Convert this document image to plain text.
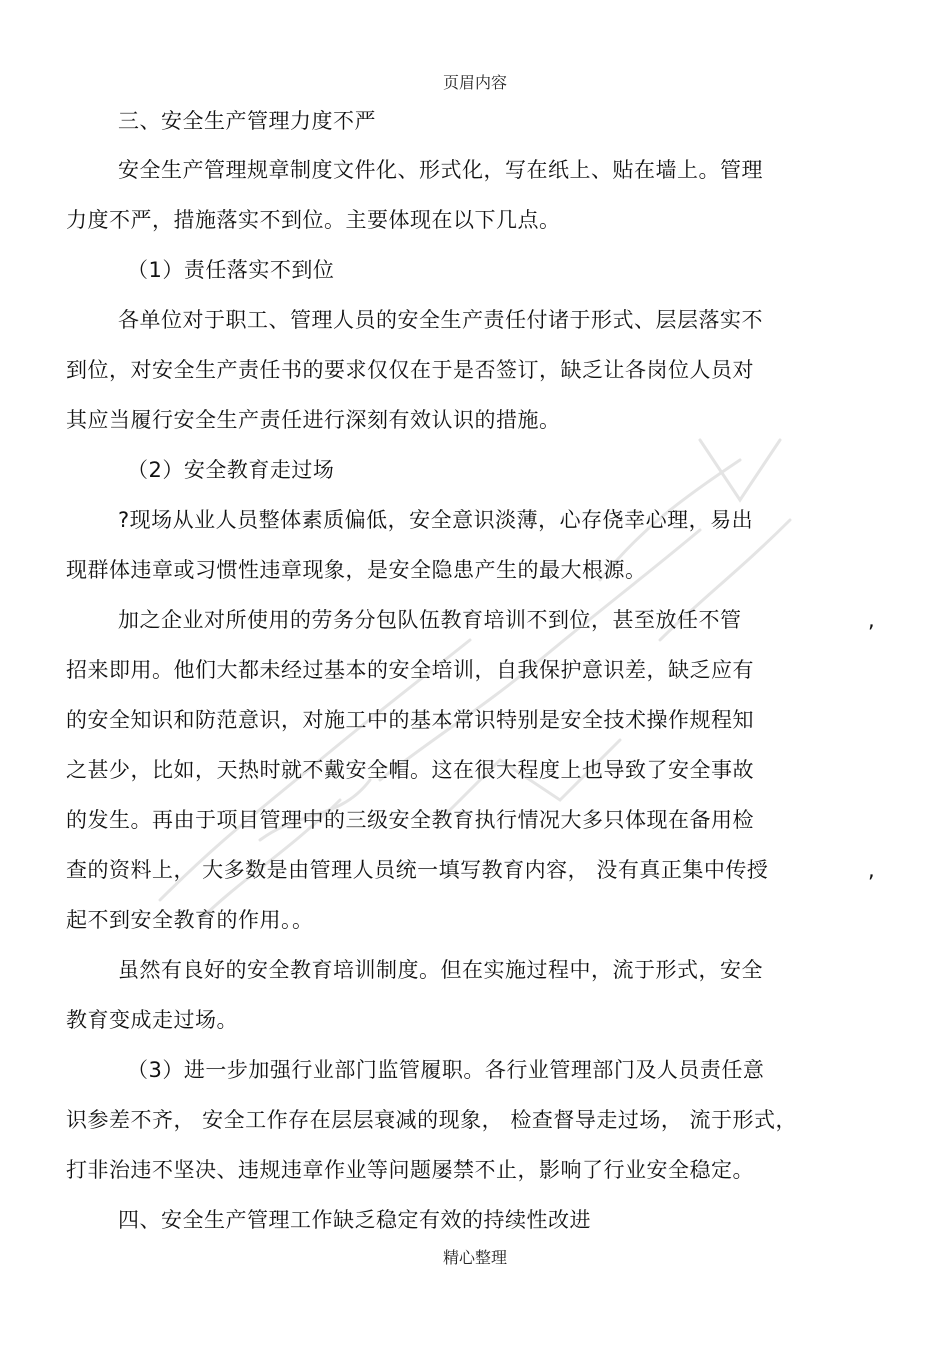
页眉内容
三、安全生产管理力度不严
安全生产管理规章制度文件化、形式化，写在纸上、贴在墙上。管理
力度不严，措施落实不到位。主要体现在以下几点。
（1）责任落实不到位
各单位对于职工、管理人员的安全生产责任付诸于形式、层层落实不
到位，对安全生产责任书的要求仅仅在于是否签订，缺乏让各岗位人员对
其应当履行安全生产责任进行深刻有效认识的措施。
（2）安全教育走过场
?现场从业人员整体素质偏低，安全意识淡薄，心存侥幸心理，易出
现群体违章或习惯性违章现象，是安全隐患产生的最大根源。
加之企业对所使用的劳务分包队伍教育培训不到位，甚至放任不管	,
招来即用。他们大都未经过基本的安全培训，自我保护意识差，缺乏应有
的安全知识和防范意识，对施工中的基本常识特别是安全技术操作规程知
之甚少，比如，天热时就不戴安全帽。这在很大程度上也导致了安全事故
的发生。再由于项目管理中的三级安全教育执行情况大多只体现在备用检
查的资料上， 大多数是由管理人员统一填写教育内容， 没有真正集中传授	,
起不到安全教育的作用。。
虽然有良好的安全教育培训制度。但在实施过程中，流于形式，安全
教育变成走过场。
（3）进一步加强行业部门监管履职。各行业管理部门及人员责任意
识参差不齐， 安全工作存在层层衰减的现象， 检查督导走过场， 流于形式，
打非治违不坚决、违规违章作业等问题屡禁不止，影响了行业安全稳定。
四、安全生产管理工作缺乏稳定有效的持续性改进
精心整理
